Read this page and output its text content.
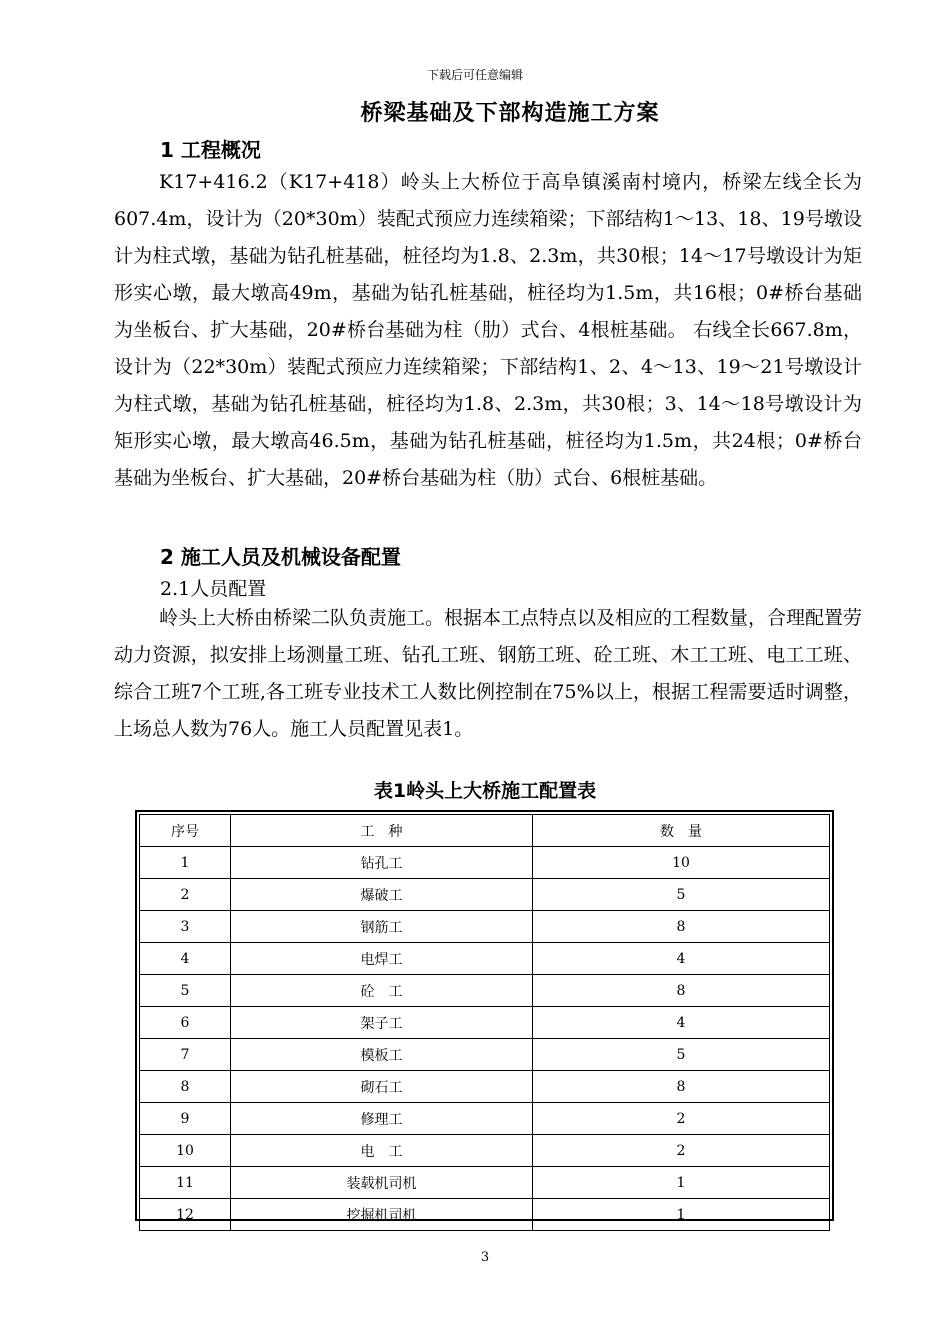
下载后可任意编辑
桥梁基础及下部构造施工方案
1 工程概况
K17+416.2（K17+418）岭头上大桥位于高阜镇溪南村境内，桥梁左线全长为607.4m，设计为（20*30m）装配式预应力连续箱梁；下部结构1～13、18、19号墩设计为柱式墩，基础为钻孔桩基础，桩径均为1.8、2.3m，共30根；14～17号墩设计为矩形实心墩，最大墩高49m，基础为钻孔桩基础，桩径均为1.5m，共16根；0#桥台基础为坐板台、扩大基础，20#桥台基础为柱（肋）式台、4根桩基础。 右线全长667.8m，设计为（22*30m）装配式预应力连续箱梁；下部结构1、2、4～13、19～21号墩设计为柱式墩，基础为钻孔桩基础，桩径均为1.8、2.3m，共30根；3、14～18号墩设计为矩形实心墩，最大墩高46.5m，基础为钻孔桩基础，桩径均为1.5m，共24根；0#桥台基础为坐板台、扩大基础，20#桥台基础为柱（肋）式台、6根桩基础。
2 施工人员及机械设备配置
2.1人员配置
岭头上大桥由桥梁二队负责施工。根据本工点特点以及相应的工程数量，合理配置劳动力资源，拟安排上场测量工班、钻孔工班、钢筋工班、砼工班、木工工班、电工工班、综合工班7个工班,各工班专业技术工人数比例控制在75%以上，根据工程需要适时调整，上场总人数为76人。施工人员配置见表1。
表1岭头上大桥施工配置表
序号	工　种	数　量
1	钻孔工	10
2	爆破工	5
3	钢筋工	8
4	电焊工	4
5	砼　工	8
6	架子工	4
7	模板工	5
8	砌石工	8
9	修理工	2
10	电　工	2
11	装载机司机	1
12	挖掘机司机	1
3
